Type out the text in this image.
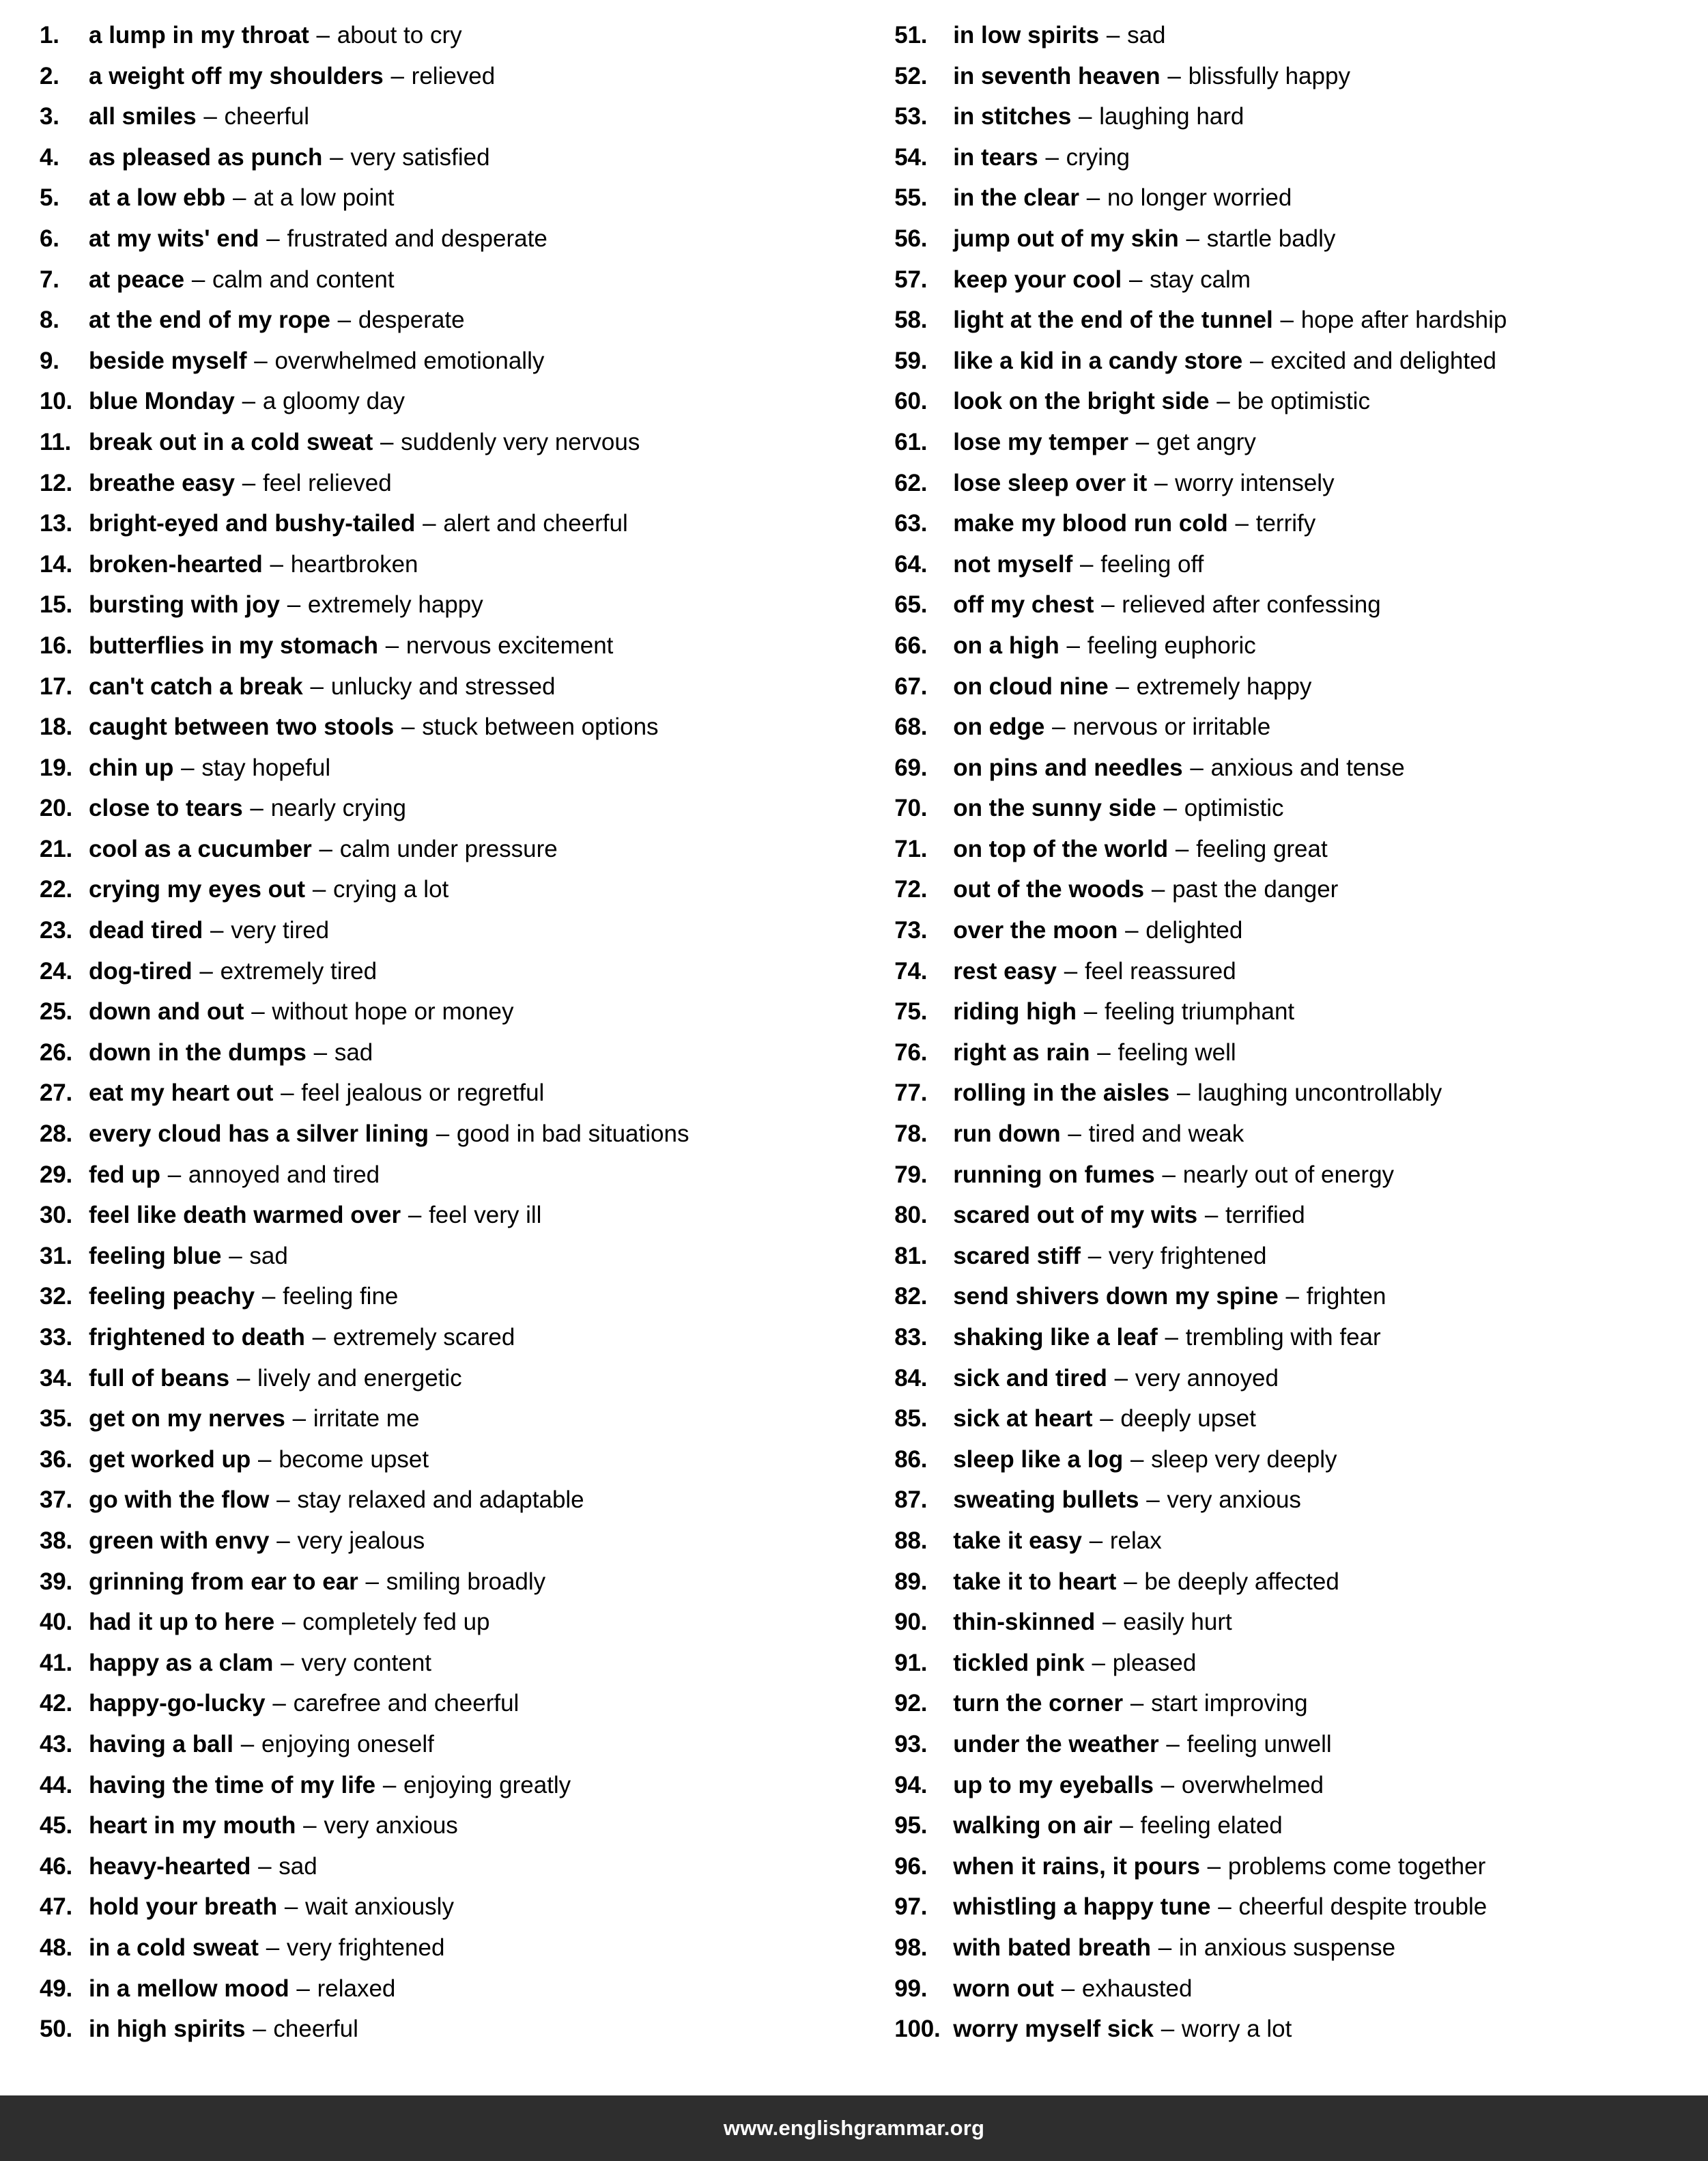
1.	a lump in my throat – about to cry
2.	a weight off my shoulders – relieved
3.	all smiles – cheerful
4.	as pleased as punch – very satisfied
5.	at a low ebb – at a low point
6.	at my wits' end – frustrated and desperate
7.	at peace – calm and content
8.	at the end of my rope – desperate
9.	beside myself – overwhelmed emotionally
10. blue Monday – a gloomy day
11. break out in a cold sweat – suddenly very nervous
12. breathe easy – feel relieved
13. bright-eyed and bushy-tailed – alert and cheerful
14. broken-hearted – heartbroken
15. bursting with joy – extremely happy
16. butterflies in my stomach – nervous excitement
17. can't catch a break – unlucky and stressed
18. caught between two stools – stuck between options
19. chin up – stay hopeful
20. close to tears – nearly crying
21. cool as a cucumber – calm under pressure
22. crying my eyes out – crying a lot
23. dead tired – very tired
24. dog-tired – extremely tired
25. down and out – without hope or money
26. down in the dumps – sad
27. eat my heart out – feel jealous or regretful
28. every cloud has a silver lining – good in bad situations
29. fed up – annoyed and tired
30. feel like death warmed over – feel very ill
31. feeling blue – sad
32. feeling peachy – feeling fine
33. frightened to death – extremely scared
34. full of beans – lively and energetic
35. get on my nerves – irritate me
36. get worked up – become upset
37. go with the flow – stay relaxed and adaptable
38. green with envy – very jealous
39. grinning from ear to ear – smiling broadly
40. had it up to here – completely fed up
41. happy as a clam – very content
42. happy-go-lucky – carefree and cheerful
43. having a ball – enjoying oneself
44. having the time of my life – enjoying greatly
45. heart in my mouth – very anxious
46. heavy-hearted – sad
47. hold your breath – wait anxiously
48. in a cold sweat – very frightened
49. in a mellow mood – relaxed
50. in high spirits – cheerful
51.	in low spirits – sad
52.	in seventh heaven – blissfully happy
53.	in stitches – laughing hard
54.	in tears – crying
55.	in the clear – no longer worried
56.	jump out of my skin – startle badly
57.	keep your cool – stay calm
58.	light at the end of the tunnel – hope after hardship
59.	like a kid in a candy store – excited and delighted
60.	look on the bright side – be optimistic
61.	lose my temper – get angry
62.	lose sleep over it – worry intensely
63.	make my blood run cold – terrify
64.	not myself – feeling off
65.	off my chest – relieved after confessing
66.	on a high – feeling euphoric
67.	on cloud nine – extremely happy
68.	on edge – nervous or irritable
69.	on pins and needles – anxious and tense
70.	on the sunny side – optimistic
71.	on top of the world – feeling great
72.	out of the woods – past the danger
73.	over the moon – delighted
74.	rest easy – feel reassured
75.	riding high – feeling triumphant
76.	right as rain – feeling well
77.	rolling in the aisles – laughing uncontrollably
78.	run down – tired and weak
79.	running on fumes – nearly out of energy
80.	scared out of my wits – terrified
81.	scared stiff – very frightened
82.	send shivers down my spine – frighten
83.	shaking like a leaf – trembling with fear
84.	sick and tired – very annoyed
85.	sick at heart – deeply upset
86.	sleep like a log – sleep very deeply
87.	sweating bullets – very anxious
88.	take it easy – relax
89.	take it to heart – be deeply affected
90.	thin-skinned – easily hurt
91.	tickled pink – pleased
92.	turn the corner – start improving
93.	under the weather – feeling unwell
94.	up to my eyeballs – overwhelmed
95.	walking on air – feeling elated
96.	when it rains, it pours – problems come together
97.	whistling a happy tune – cheerful despite trouble
98.	with bated breath – in anxious suspense
99.	worn out – exhausted
100. worry myself sick – worry a lot
www.englishgrammar.org
